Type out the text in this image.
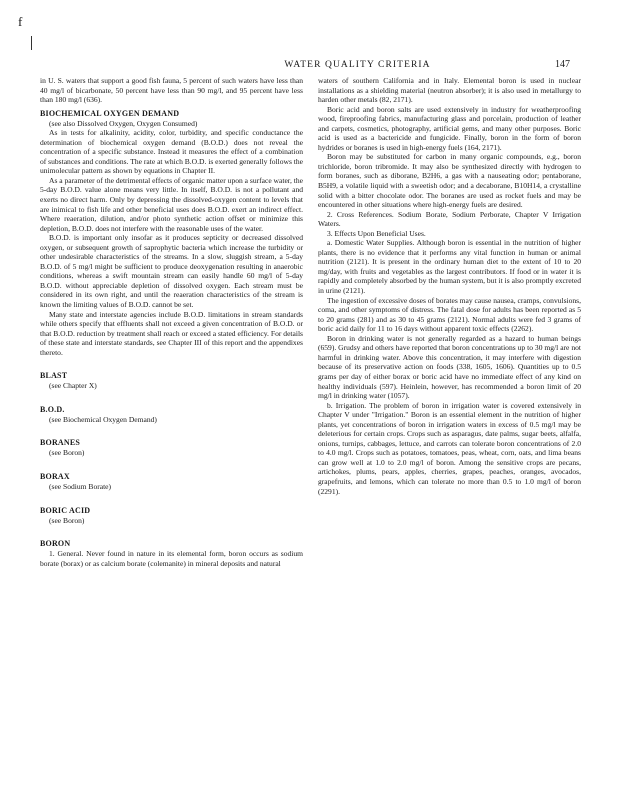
f
WATER QUALITY CRITERIA	147

in U. S. waters that support a good fish fauna, 5 percent of such waters have less than 40 mg/l of bicarbonate, 50 percent have less than 90 mg/l, and 95 percent have less than 180 mg/l (636).

BIOCHEMICAL OXYGEN DEMAND

(see also Dissolved Oxygen, Oxygen Consumed)

As in tests for alkalinity, acidity, color, turbidity, and specific conductance the determination of biochemical oxygen demand (B.O.D.) does not reveal the concentration of a specific substance. Instead it measures the effect of a combination of substances and conditions. The rate at which B.O.D. is exerted generally follows the unimolecular pattern as shown by equations in Chapter II.

As a parameter of the detrimental effects of organic matter upon a surface water, the 5-day B.O.D. value alone means very little. In itself, B.O.D. is not a pollutant and exerts no direct harm. Only by depressing the dissolved-oxygen content to levels that are inimical to fish life and other beneficial uses does B.O.D. exert an indirect effect. Where reaeration, dilution, and/or photo synthetic action offset or minimize this depletion, B.O.D. does not interfere with the reasonable uses of the water.

B.O.D. is important only insofar as it produces septicity or decreased dissolved oxygen, or subsequent growth of saprophytic bacteria which increase the turbidity or other undesirable characteristics of the streams. In a slow, sluggish stream, a 5-day B.O.D. of 5 mg/l might be sufficient to produce deoxygenation resulting in anaerobic conditions, whereas a swift mountain stream can easily handle 60 mg/l of 5-day B.O.D. without appreciable depletion of dissolved oxygen. Each stream must be considered in its own right, and until the reaeration characteristics of the stream is known the limiting values of B.O.D. cannot be set.

Many state and interstate agencies include B.O.D. limitations in stream standards while others specify that effluents shall not exceed a given concentration of B.O.D. or that B.O.D. reduction by treatment shall reach or exceed a stated efficiency. For details of these state and interstate standards, see Chapter III of this report and the appendixes thereto.

BLAST

(see Chapter X)

B.O.D.

(see Biochemical Oxygen Demand)

BORANES

(see Boron)

BORAX

(see Sodium Borate)

BORIC ACID

(see Boron)

BORON

1. General. Never found in nature in its elemental form, boron occurs as sodium borate (borax) or as calcium borate (colemanite) in mineral deposits and natural

waters of southern California and in Italy. Elemental boron is used in nuclear installations as a shielding material (neutron absorber); it is also used in metallurgy to harden other metals (82, 2171).

Boric acid and boron salts are used extensively in industry for weatherproofing wood, fireproofing fabrics, manufacturing glass and porcelain, production of leather and carpets, cosmetics, photography, artificial gems, and many other purposes. Boric acid is used as a bactericide and fungicide. Finally, boron in the form of boron hydrides or boranes is used in high-energy fuels (164, 2171).

Boron may be substituted for carbon in many organic compounds, e.g., boron trichloride, boron tribromide. It may also be synthesized directly with hydrogen to form boranes, such as diborane, B2H6, a gas with a nauseating odor; pentaborane, B5H9, a volatile liquid with a sweetish odor; and a decaborane, B10H14, a crystalline solid with a bitter chocolate odor. The boranes are used as rocket fuels and may be encountered in other situations where high-energy fuels are desired.

2. Cross References. Sodium Borate, Sodium Perborate, Chapter V Irrigation Waters.

3. Effects Upon Beneficial Uses.

a. Domestic Water Supplies. Although boron is essential in the nutrition of higher plants, there is no evidence that it performs any vital function in human or animal nutrition (2121). It is present in the ordinary human diet to the extent of 10 to 20 mg/day, with fruits and vegetables as the largest contributors. If food or in water it is rapidly and completely absorbed by the human system, but it is also promptly excreted in urine (2121).

The ingestion of excessive doses of borates may cause nausea, cramps, convulsions, coma, and other symptoms of distress. The fatal dose for adults has been reported as 5 to 20 grams (281) and as 30 to 45 grams (2121). Normal adults were fed 3 grams of boric acid daily for 11 to 16 days without apparent toxic effects (2262).

Boron in drinking water is not generally regarded as a hazard to human beings (659). Grudsy and others have reported that boron concentrations up to 30 mg/l are not harmful in drinking water. Above this concentration, it may interfere with digestion because of its preservative action on foods (338, 1605, 1606). Quantities up to 0.5 grams per day of either borax or boric acid have no immediate effect of any kind on healthy individuals (597). Heinlein, however, has recommended a boron limit of 20 mg/l in drinking water (1057).

b. Irrigation. The problem of boron in irrigation water is covered extensively in Chapter V under "Irrigation." Boron is an essential element in the nutrition of higher plants, yet concentrations of boron in irrigation waters in excess of 0.5 mg/l may be deleterious for certain crops. Crops such as asparagus, date palms, sugar beets, alfalfa, onions, turnips, cabbages, lettuce, and carrots can tolerate boron concentrations of 2.0 to 4.0 mg/l. Crops such as potatoes, tomatoes, peas, wheat, corn, oats, and lima beans can grow well at 1.0 to 2.0 mg/l of boron. Among the sensitive crops are pecans, artichokes, plums, pears, apples, cherries, grapes, peaches, oranges, avocados, grapefruits, and lemons, which can tolerate no more than 0.5 to 1.0 mg/l of boron (2291).
